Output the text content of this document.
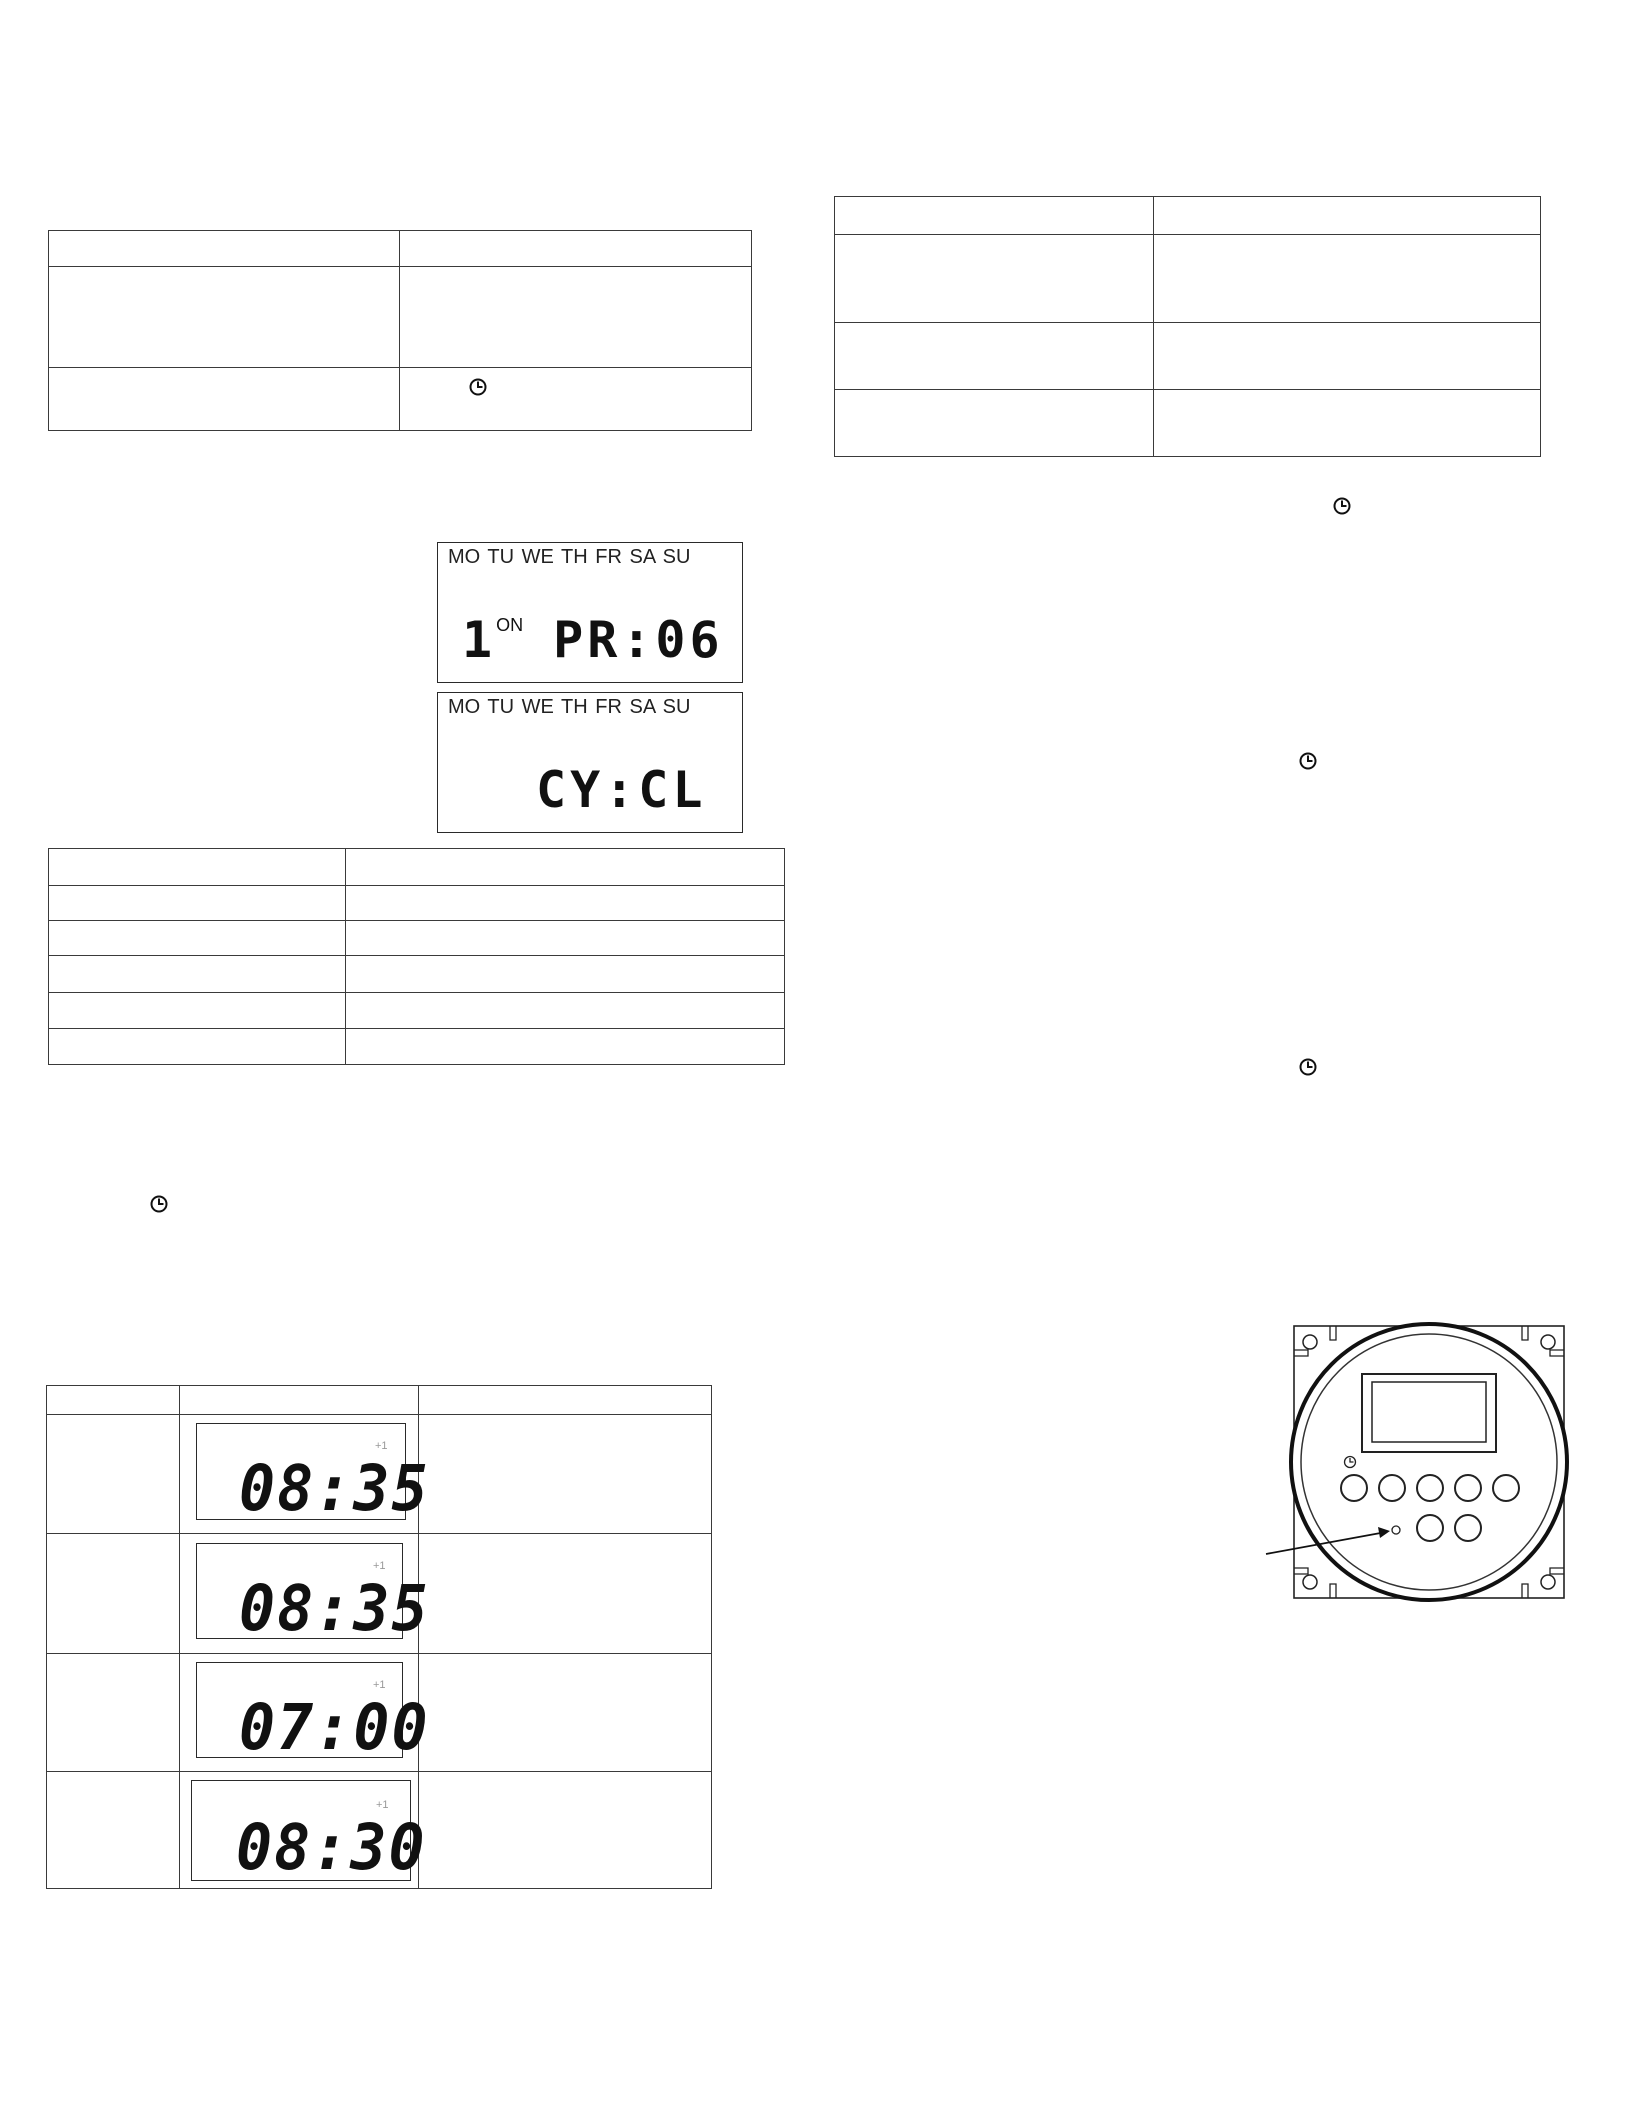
MO TU WE TH FR SA SU
$1^{ON}$ PR:06
MO TU WE TH FR SA SU
CY:CL

	08:35
+1	

	08:35
+1	

	07:00
+1	

	08:30
+1	
